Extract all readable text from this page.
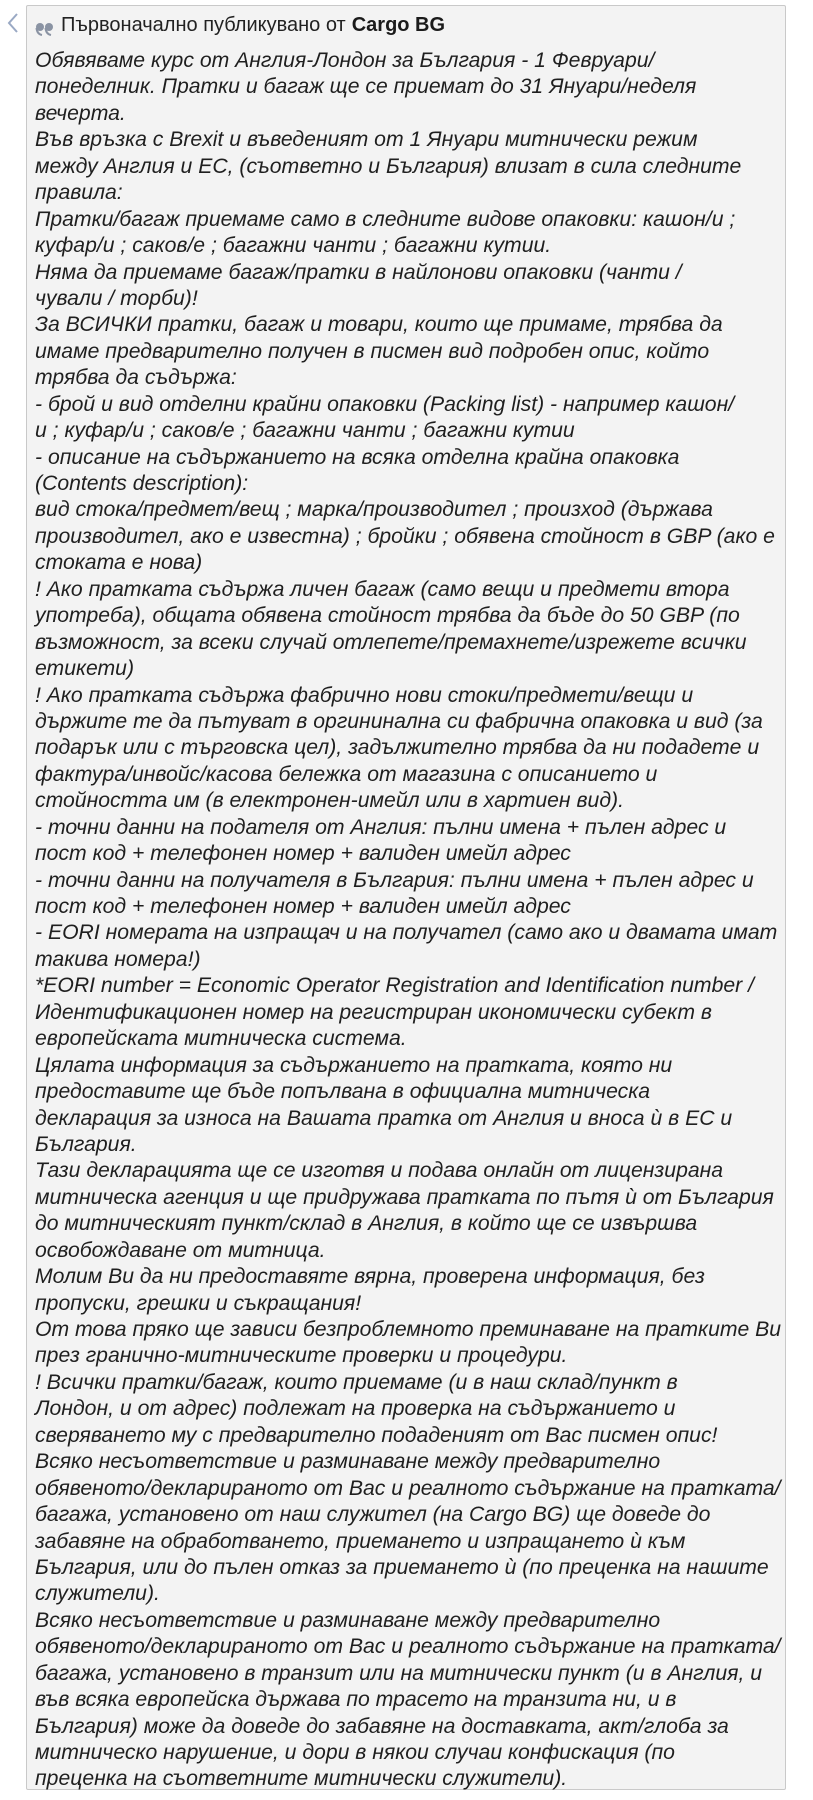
Първоначално публикувано от Cargo BG
Обявяваме курс от Англия-Лондон за България - 1 Февруари/
понеделник. Пратки и багаж ще се приемат до 31 Януари/неделя
вечерта.
Във връзка с Brexit и въведеният от 1 Януари митнически режим
между Англия и ЕС, (съответно и България) влизат в сила следните
правила:
Пратки/багаж приемаме само в следните видове опаковки: кашон/и ;
куфар/и ; саков/е ; багажни чанти ; багажни кутии.
Няма да приемаме багаж/пратки в найлонови опаковки (чанти /
чували / торби)!
За ВСИЧКИ пратки, багаж и товари, които ще примаме, трябва да
имаме предварително получен в писмен вид подробен опис, който
трябва да съдържа:
- брой и вид отделни крайни опаковки (Packing list) - например кашон/
и ; куфар/и ; саков/е ; багажни чанти ; багажни кутии
- описание на съдържанието на всяка отделна крайна опаковка
(Contents description):
вид стока/предмет/вещ ; марка/производител ; произход (държава
производител, ако е известна) ; бройки ; обявена стойност в GBP (ако е
стоката е нова)
! Ако пратката съдържа личен багаж (само вещи и предмети втора
употреба), общата обявена стойност трябва да бъде до 50 GBP (по
възможност, за всеки случай отлепете/премахнете/изрежете всички
етикети)
! Ако пратката съдържа фабрично нови стоки/предмети/вещи и
държите те да пътуват в оргининална си фабрична опаковка и вид (за
подарък или с търговска цел), задължително трябва да ни подадете и
фактура/инвойс/касова бележка от магазина с описанието и
стойността им (в електронен-имейл или в хартиен вид).
- точни данни на подателя от Англия: пълни имена + пълен адрес и
пост код + телефонен номер + валиден имейл адрес
- точни данни на получателя в България: пълни имена + пълен адрес и
пост код + телефонен номер + валиден имейл адрес
- EORI номерата на изпращач и на получател (само ако и двамата имат
такива номера!)
*EORI number = Economic Operator Registration and Identification number /
Идентификационен номер на регистриран икономически субект в
европейската митническа система.
Цялата информация за съдържанието на пратката, която ни
предоставите ще бъде попълвана в официална митническа
декларация за износа на Вашата пратка от Англия и вноса ѝ в ЕС и
България.
Тази декларацията ще се изготвя и подава онлайн от лицензирана
митническа агенция и ще придружава пратката по пътя ѝ от България
до митническият пункт/склад в Англия, в който ще се извършва
освобождаване от митница.
Молим Ви да ни предоставяте вярна, проверена информация, без
пропуски, грешки и съкращания!
От това пряко ще зависи безпроблемното преминаване на пратките Ви
през гранично-митническите проверки и процедури.
! Всички пратки/багаж, които приемаме (и в наш склад/пункт в
Лондон, и от адрес) подлежат на проверка на съдържанието и
сверяването му с предварително подаденият от Вас писмен опис!
Всяко несъответствие и разминаване между предварително
обявеното/декларираното от Вас и реалното съдържание на пратката/
багажа, установено от наш служител (на Cargo BG) ще доведе до
забавяне на обработването, приемането и изпращането ѝ към
България, или до пълен отказ за приемането ѝ (по преценка на нашите
служители).
Всяко несъответствие и разминаване между предварително
обявеното/декларираното от Вас и реалното съдържание на пратката/
багажа, установено в транзит или на митнически пункт (и в Англия, и
във всяка европейска държава по трасето на транзита ни, и в
България) може да доведе до забавяне на доставката, акт/глоба за
митническо нарушение, и дори в някои случаи конфискация (по
преценка на съответните митнически служители).
